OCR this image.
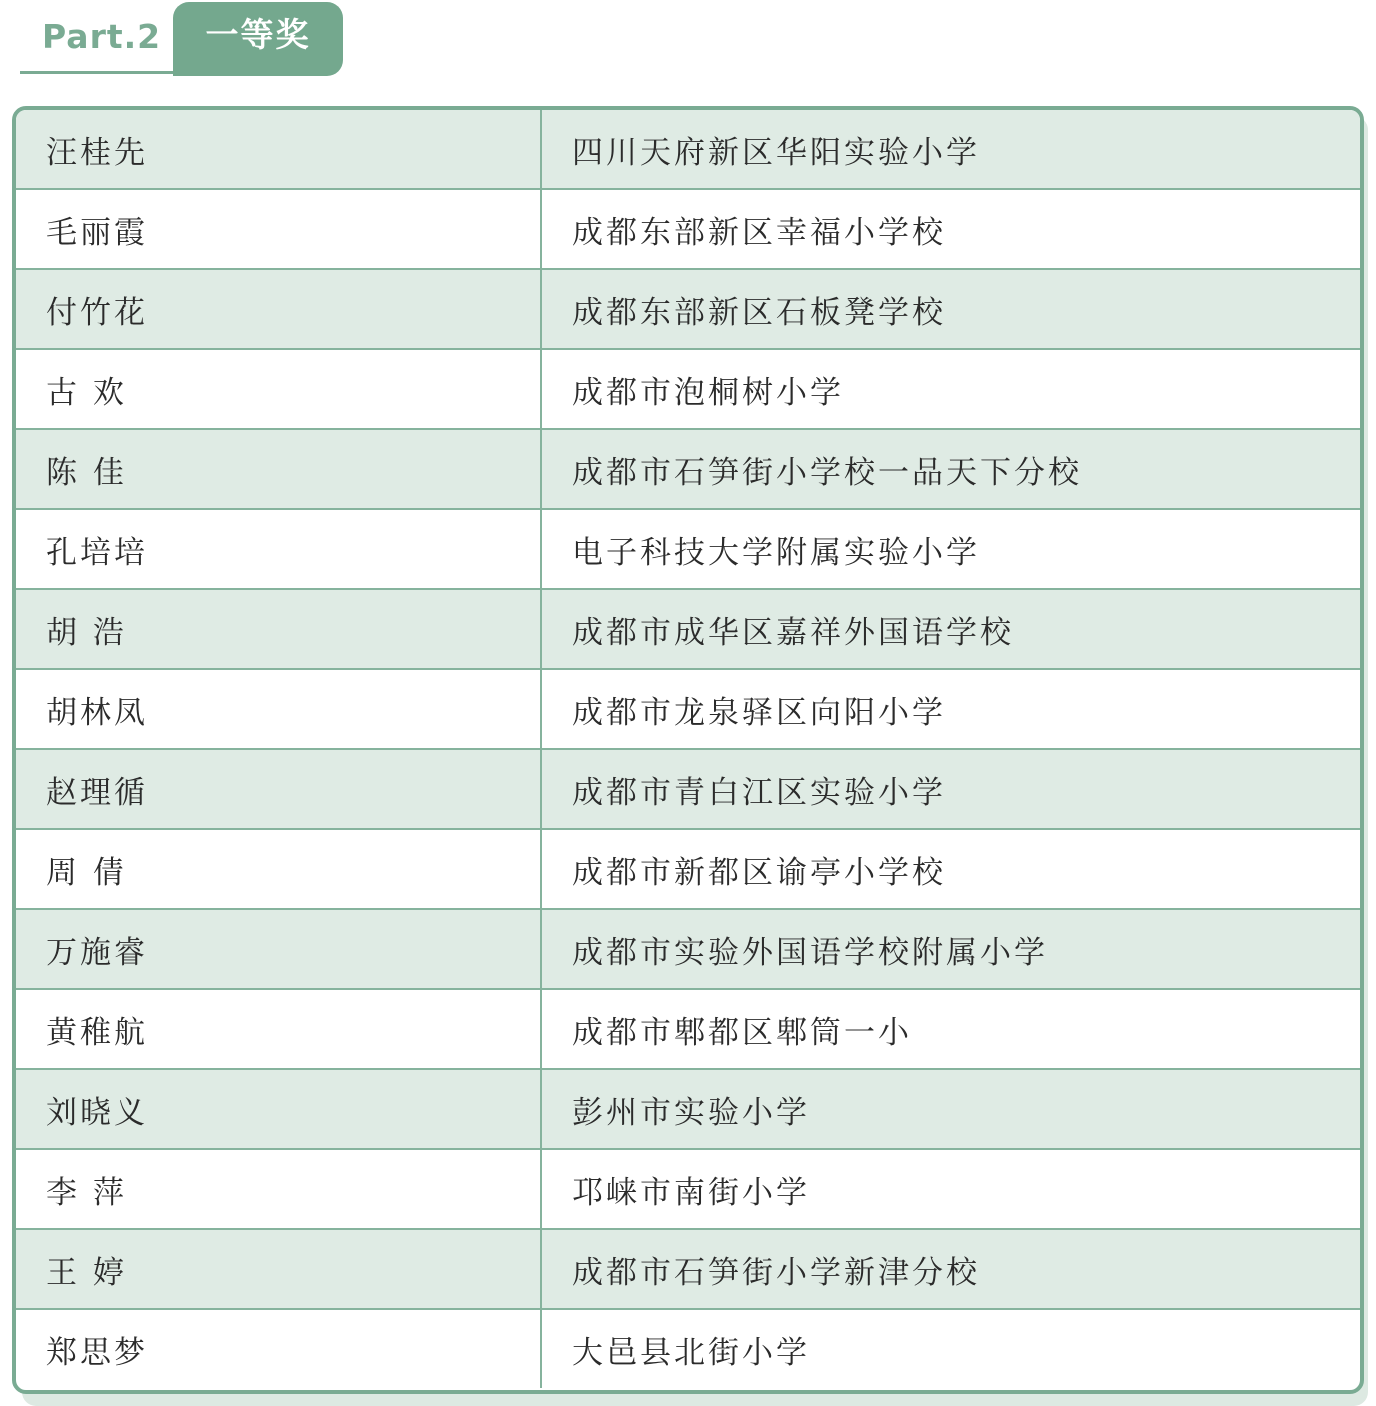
Part.2	一等奖
汪桂先	四川天府新区华阳实验小学
毛丽霞	成都东部新区幸福小学校
付竹花	成都东部新区石板凳学校
古 欢	成都市泡桐树小学
陈 佳	成都市石笋街小学校一品天下分校
孔培培	电子科技大学附属实验小学
胡 浩	成都市成华区嘉祥外国语学校
胡林凤	成都市龙泉驿区向阳小学
赵理循	成都市青白江区实验小学
周 倩	成都市新都区谕亭小学校
万施睿	成都市实验外国语学校附属小学
黄稚航	成都市郫都区郫筒一小
刘晓义	彭州市实验小学
李 萍	邛崃市南街小学
王 婷	成都市石笋街小学新津分校
郑思梦	大邑县北街小学
